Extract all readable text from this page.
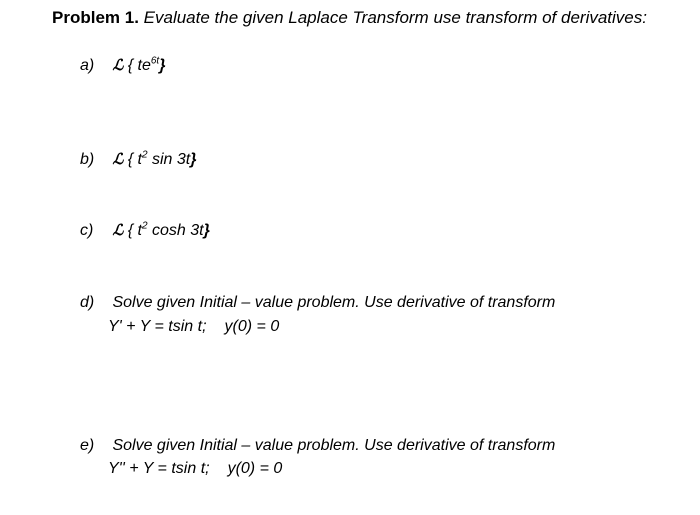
Problem 1. Evaluate the given Laplace Transform use transform of derivatives:
a) ℒ { $te^{6t}$}
b) ℒ { $t^2$ sin 3t}
c) ℒ { $t^2$ cosh 3t}
d) Solve given Initial – value problem. Use derivative of transform
Y' + Y = tsin t; y(0) = 0
e) Solve given Initial – value problem. Use derivative of transform
Y'' + Y = tsin t; y(0) = 0
